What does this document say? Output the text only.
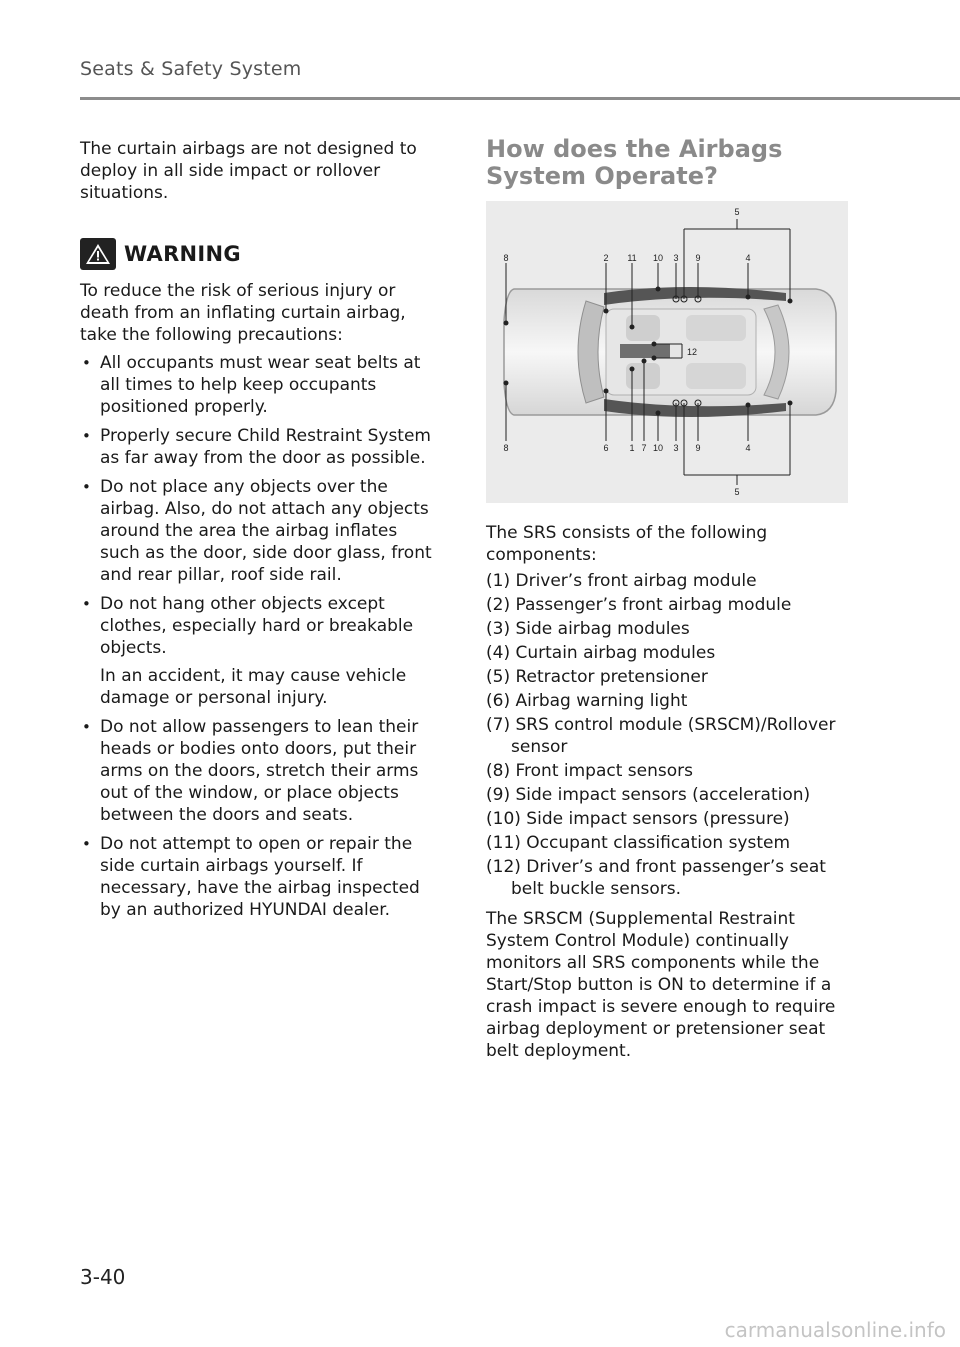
Seats & Safety System

The curtain airbags are not designed to deploy in all side impact or rollover situations.

WARNING

To reduce the risk of serious injury or death from an inflating curtain airbag, take the following precautions:

• All occupants must wear seat belts at all times to help keep occupants positioned properly.
• Properly secure Child Restraint System as far away from the door as possible.
• Do not place any objects over the airbag. Also, do not attach any objects around the area the airbag inflates such as the door, side door glass, front and rear pillar, roof side rail.
• Do not hang other objects except clothes, especially hard or breakable objects.

In an accident, it may cause vehicle damage or personal injury.

• Do not allow passengers to lean their heads or bodies onto doors, put their arms on the doors, stretch their arms out of the window, or place objects between the doors and seats.
• Do not attempt to open or repair the side curtain airbags yourself. If necessary, have the airbag inspected by an authorized HYUNDAI dealer.
How does the Airbags System Operate?
8	2 11 10 3 9	4
5
8	6 1 7 10 3 9	4
5
12

The SRS consists of the following components:

(1) Driver’s front airbag module
(2) Passenger’s front airbag module
(3) Side airbag modules
(4) Curtain airbag modules
(5) Retractor pretensioner
(6) Airbag warning light
(7) SRS control module (SRSCM)/Rollover sensor
(8) Front impact sensors
(9) Side impact sensors (acceleration)
(10) Side impact sensors (pressure)
(11) Occupant classification system
(12) Driver’s and front passenger’s seat belt buckle sensors.

The SRSCM (Supplemental Restraint System Control Module) continually monitors all SRS components while the Start/Stop button is ON to determine if a crash impact is severe enough to require airbag deployment or pretensioner seat belt deployment.

3-40
carmanualsonline.info
